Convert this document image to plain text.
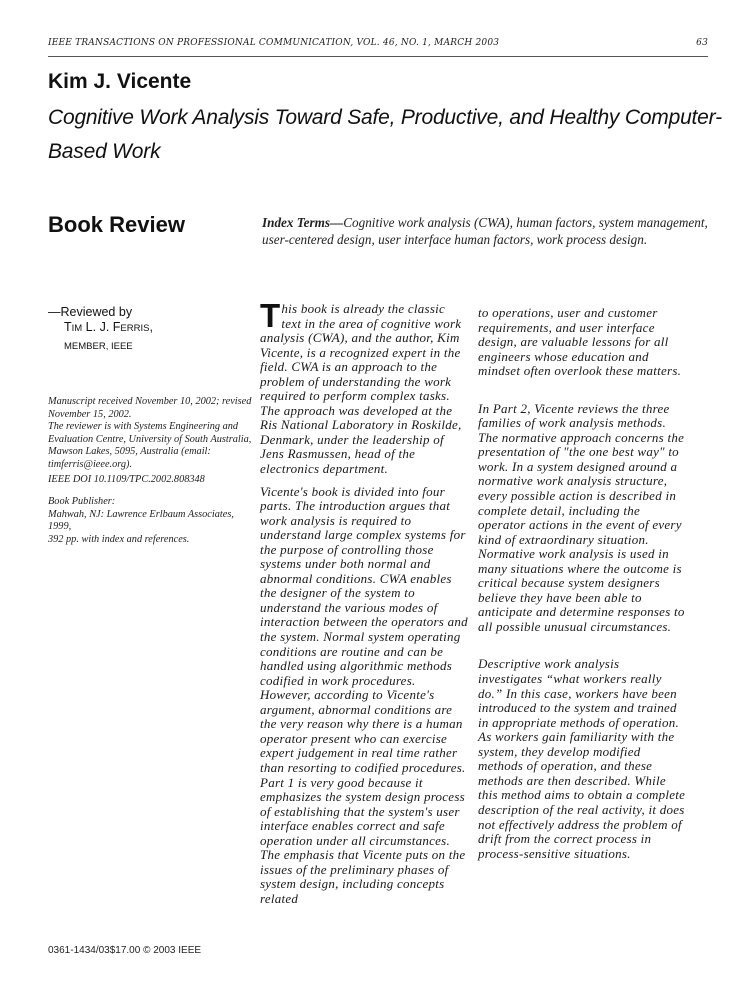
IEEE TRANSACTIONS ON PROFESSIONAL COMMUNICATION, VOL. 46, NO. 1, MARCH 2003	63
Kim J. Vicente
Cognitive Work Analysis Toward Safe, Productive, and Healthy Computer-Based Work
Book Review	Index Terms—Cognitive work analysis (CWA), human factors, system management, user-centered design, user interface human factors, work process design.
—Reviewed by
TIM L. J. FERRIS,
MEMBER, IEEE

Manuscript received November 10, 2002; revised November 15, 2002.

The reviewer is with Systems Engineering and Evaluation Centre, University of South Australia, Mawson Lakes, 5095, Australia (email: timferris@ieee.org).

IEEE DOI 10.1109/TPC.2002.808348

Book Publisher:

Mahwah, NJ: Lawrence Erlbaum Associates, 1999,

392 pp. with index and references.

This book is already the classic text in the area of cognitive work analysis (CWA), and the author, Kim Vicente, is a recognized expert in the field. CWA is an approach to the problem of understanding the work required to perform complex tasks. The approach was developed at the Ris National Laboratory in Roskilde, Denmark, under the leadership of Jens Rasmussen, head of the electronics department.

Vicente's book is divided into four parts. The introduction argues that work analysis is required to understand large complex systems for the purpose of controlling those systems under both normal and abnormal conditions. CWA enables the designer of the system to understand the various modes of interaction between the operators and the system. Normal system operating conditions are routine and can be handled using algorithmic methods codified in work procedures. However, according to Vicente's argument, abnormal conditions are the very reason why there is a human operator present who can exercise expert judgement in real time rather than resorting to codified procedures. Part 1 is very good because it emphasizes the system design process of establishing that the system's user interface enables correct and safe operation under all circumstances. The emphasis that Vicente puts on the issues of the preliminary phases of system design, including concepts related

to operations, user and customer requirements, and user interface design, are valuable lessons for all engineers whose education and mindset often overlook these matters.

In Part 2, Vicente reviews the three families of work analysis methods. The normative approach concerns the presentation of "the one best way" to work. In a system designed around a normative work analysis structure, every possible action is described in complete detail, including the operator actions in the event of every kind of extraordinary situation. Normative work analysis is used in many situations where the outcome is critical because system designers believe they have been able to anticipate and determine responses to all possible unusual circumstances.

Descriptive work analysis investigates “what workers really do.” In this case, workers have been introduced to the system and trained in appropriate methods of operation. As workers gain familiarity with the system, they develop modified methods of operation, and these methods are then described. While this method aims to obtain a complete description of the real activity, it does not effectively address the problem of drift from the correct process in process-sensitive situations.

0361-1434/03$17.00 © 2003 IEEE
